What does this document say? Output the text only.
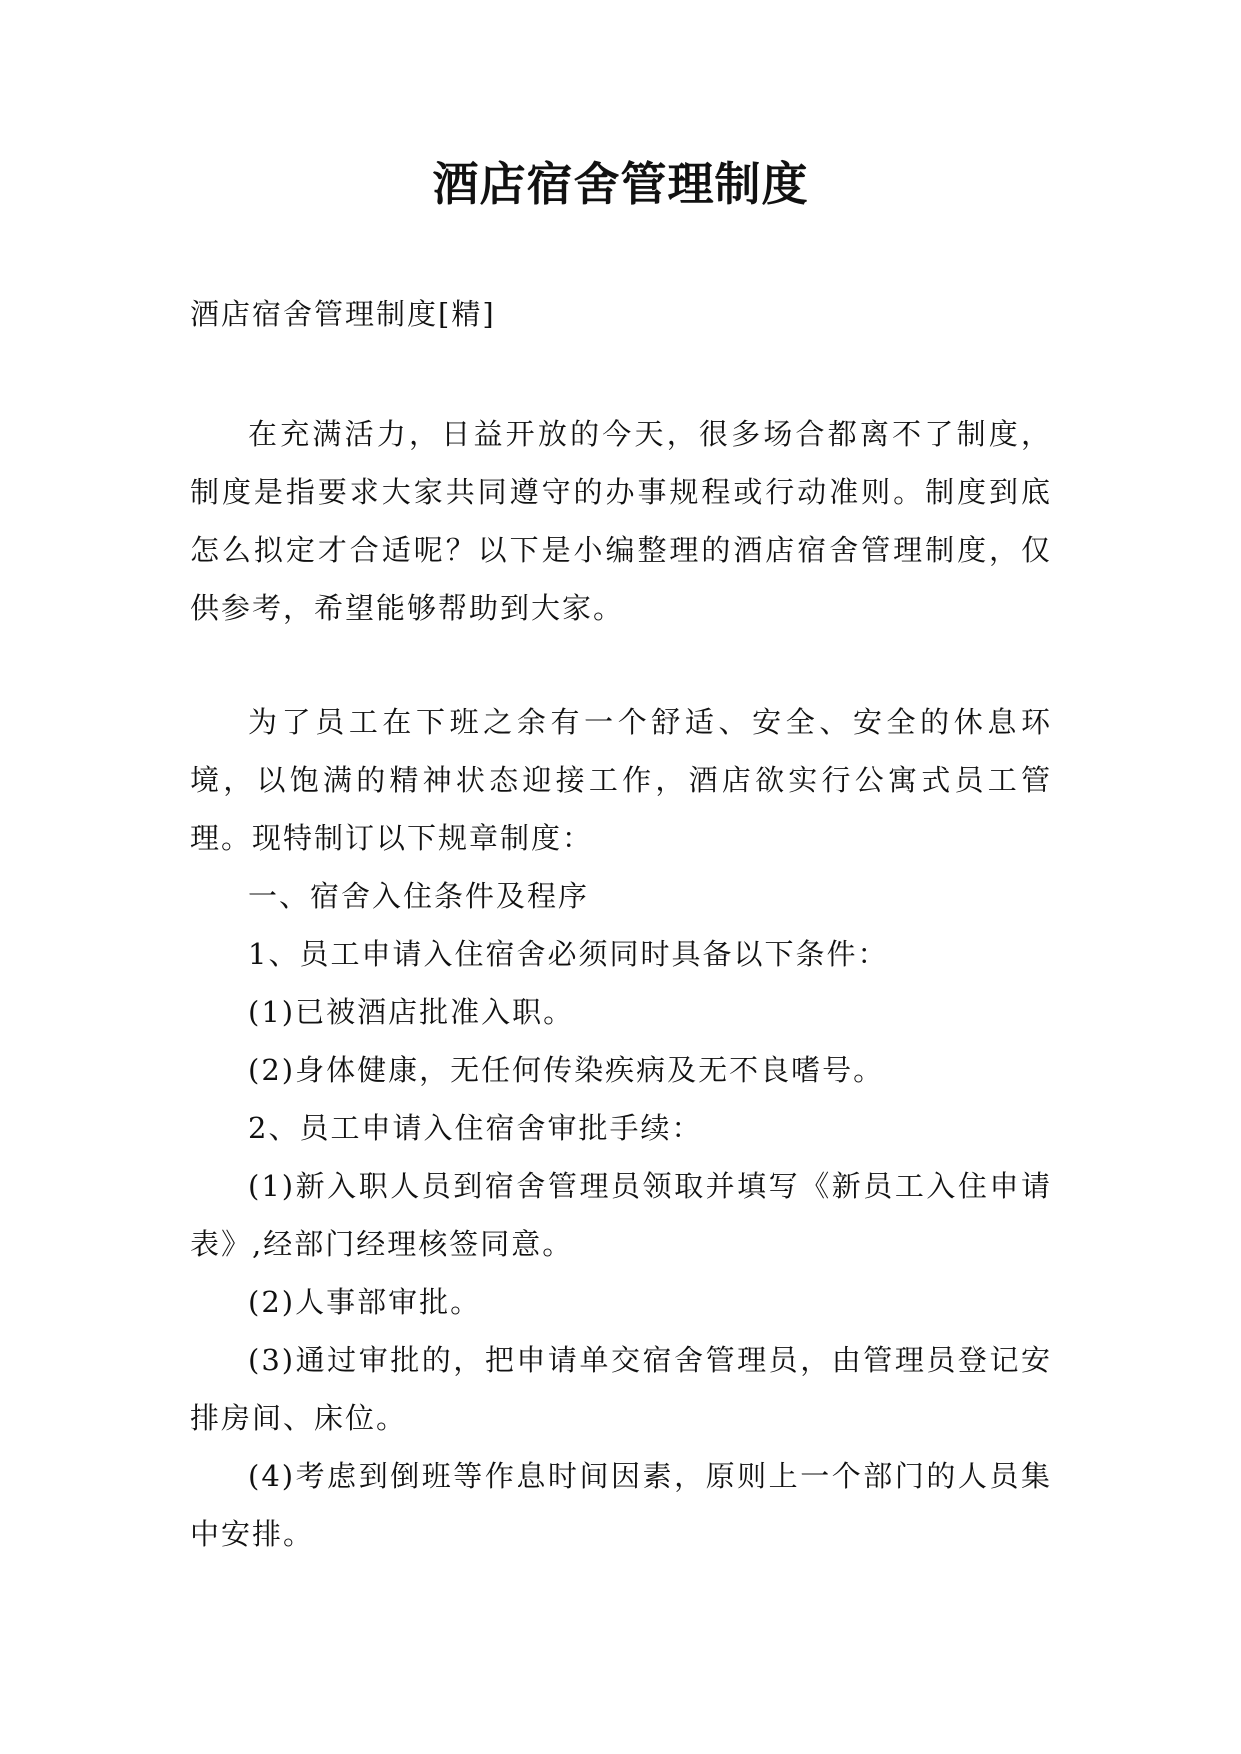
酒店宿舍管理制度

酒店宿舍管理制度[精]

在充满活力，日益开放的今天，很多场合都离不了制度，制度是指要求大家共同遵守的办事规程或行动准则。制度到底怎么拟定才合适呢？以下是小编整理的酒店宿舍管理制度，仅供参考，希望能够帮助到大家。

为了员工在下班之余有一个舒适、安全、安全的休息环境，以饱满的精神状态迎接工作，酒店欲实行公寓式员工管理。现特制订以下规章制度：

一、宿舍入住条件及程序

1、员工申请入住宿舍必须同时具备以下条件：

(1)已被酒店批准入职。

(2)身体健康，无任何传染疾病及无不良嗜号。

2、员工申请入住宿舍审批手续：

(1)新入职人员到宿舍管理员领取并填写《新员工入住申请表》,经部门经理核签同意。

(2)人事部审批。

(3)通过审批的，把申请单交宿舍管理员，由管理员登记安排房间、床位。

(4)考虑到倒班等作息时间因素，原则上一个部门的人员集中安排。
